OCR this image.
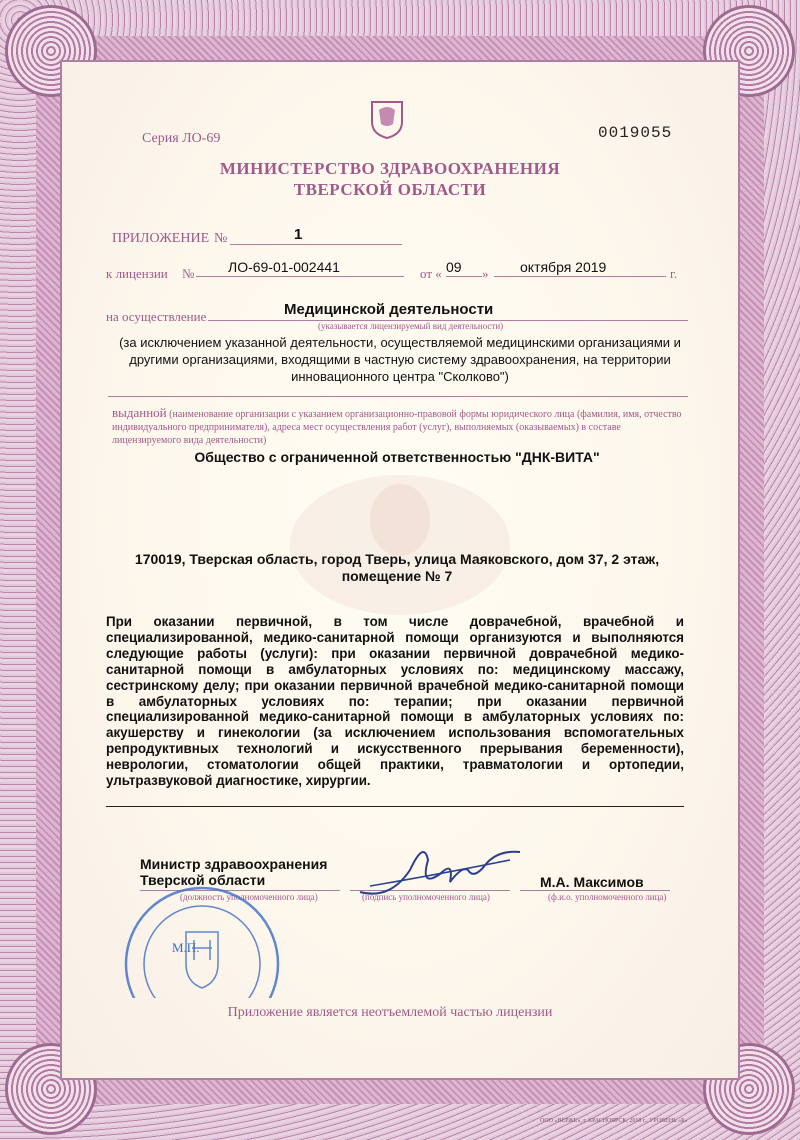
Серия ЛО-69	0019055
МИНИСТЕРСТВО ЗДРАВООХРАНЕНИЯ
ТВЕРСКОЙ ОБЛАСТИ
ПРИЛОЖЕНИЕ №	1
к лицензии № ЛО-69-01-002441	от « 09 » октября 2019	г.
на осуществление	Медицинской деятельности
(указывается лицензируемый вид деятельности)
(за исключением указанной деятельности, осуществляемой медицинскими организациями и другими организациями, входящими в частную систему здравоохранения, на территории инновационного центра "Сколково")
выданной (наименование организации с указанием организационно-правовой формы юридического лица (фамилия, имя, отчество индивидуального предпринимателя), адреса мест осуществления работ (услуг), выполняемых (оказываемых) в составе лицензируемого вида деятельности)
Общество с ограниченной ответственностью "ДНК-ВИТА"
170019, Тверская область, город Тверь, улица Маяковского, дом 37, 2 этаж, помещение № 7
При оказании первичной, в том числе доврачебной, врачебной и специализированной, медико-санитарной помощи организуются и выполняются следующие работы (услуги): при оказании первичной доврачебной медико-санитарной помощи в амбулаторных условиях по: медицинскому массажу, сестринскому делу; при оказании первичной врачебной медико-санитарной помощи в амбулаторных условиях по: терапии; при оказании первичной специализированной медико-санитарной помощи в амбулаторных условиях по: акушерству и гинекологии (за исключением использования вспомогательных репродуктивных технологий и искусственного прерывания беременности), неврологии, стоматологии общей практики, травматологии и ортопедии, ультразвуковой диагностике, хирургии.
Министр здравоохранения
Тверской области
(должность уполномоченного лица)	(подпись уполномоченного лица)
М.А. Максимов
(ф.и.о. уполномоченного лица)
М.П.
Приложение является неотъемлемой частью лицензии
ООО «ВЕРЖЕ», г. КРАСНОЯРСК, 2018 г., УРОВЕНЬ «Б»
